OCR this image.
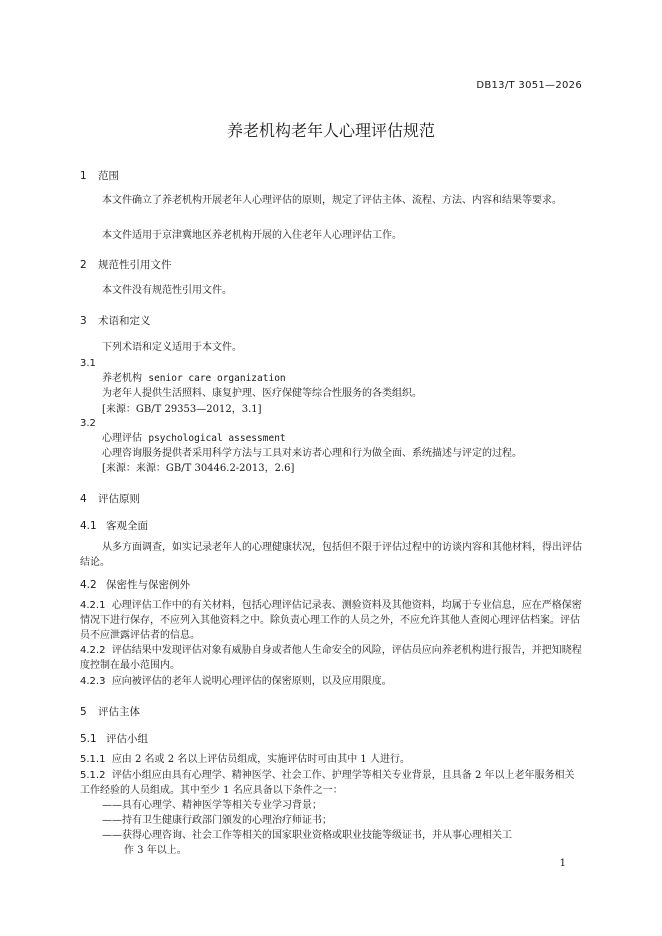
DB13/T 3051—2026
养老机构老年人心理评估规范
1 范围
本文件确立了养老机构开展老年人心理评估的原则，规定了评估主体、流程、方法、内容和结果等要求。
本文件适用于京津冀地区养老机构开展的入住老年人心理评估工作。
2 规范性引用文件
本文件没有规范性引用文件。
3 术语和定义
下列术语和定义适用于本文件。
3.1
养老机构 senior care organization
为老年人提供生活照料、康复护理、医疗保健等综合性服务的各类组织。
[来源：GB/T 29353—2012，3.1]
3.2
心理评估 psychological assessment
心理咨询服务提供者采用科学方法与工具对来访者心理和行为做全面、系统描述与评定的过程。
[来源：来源：GB/T 30446.2-2013，2.6]
4 评估原则
4.1 客观全面
从多方面调查，如实记录老年人的心理健康状况，包括但不限于评估过程中的访谈内容和其他材料，得出评估结论。
4.2 保密性与保密例外
4.2.1 心理评估工作中的有关材料，包括心理评估记录表、测验资料及其他资料，均属于专业信息，应在严格保密情况下进行保存，不应列入其他资料之中。除负责心理工作的人员之外，不应允许其他人查阅心理评估档案。评估员不应泄露评估者的信息。
4.2.2 评估结果中发现评估对象有威胁自身或者他人生命安全的风险，评估员应向养老机构进行报告，并把知晓程度控制在最小范围内。
4.2.3 应向被评估的老年人说明心理评估的保密原则，以及应用限度。
5 评估主体
5.1 评估小组
5.1.1 应由 2 名或 2 名以上评估员组成，实施评估时可由其中 1 人进行。
5.1.2 评估小组应由具有心理学、精神医学、社会工作、护理学等相关专业背景，且具备 2 年以上老年服务相关工作经验的人员组成。其中至少 1 名应具备以下条件之一：
——具有心理学、精神医学等相关专业学习背景；
——持有卫生健康行政部门颁发的心理治疗师证书；
——获得心理咨询、社会工作等相关的国家职业资格或职业技能等级证书，并从事心理相关工
作 3 年以上。
1
